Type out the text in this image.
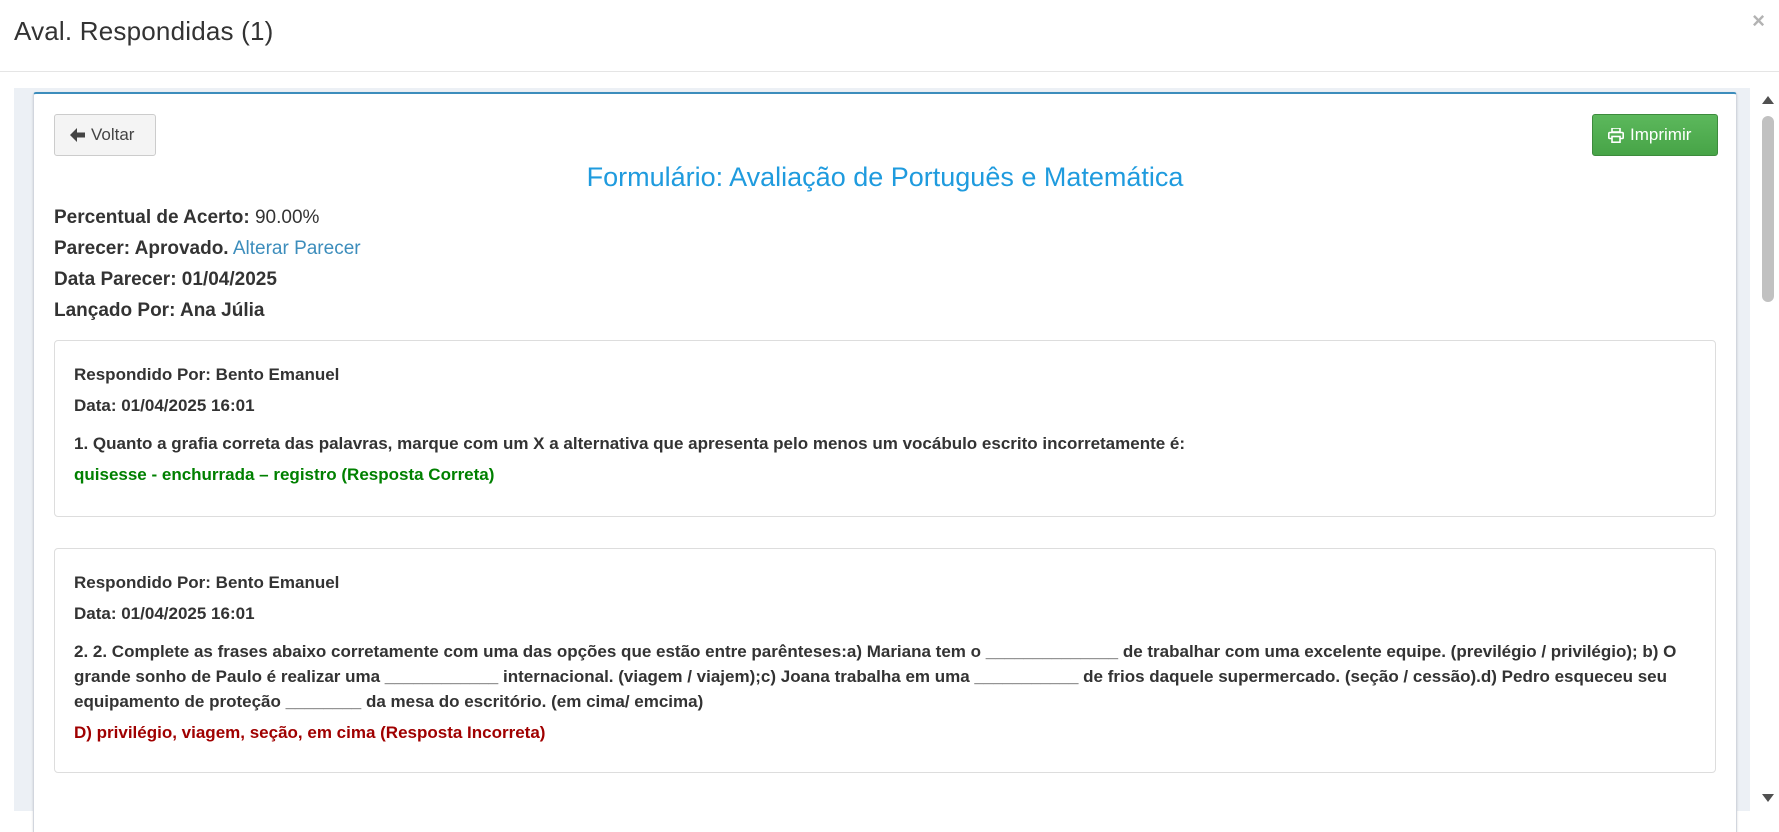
Aval. Respondidas (1)	×
Voltar	Imprimir
Formulário: Avaliação de Português e Matemática
Percentual de Acerto: 90.00%
Parecer: Aprovado. Alterar Parecer
Data Parecer: 01/04/2025
Lançado Por: Ana Júlia

Respondido Por: Bento Emanuel

Data: 01/04/2025 16:01

1. Quanto a grafia correta das palavras, marque com um X a alternativa que apresenta pelo menos um vocábulo escrito incorretamente é:

quisesse - enchurrada – registro (Resposta Correta)

Respondido Por: Bento Emanuel

Data: 01/04/2025 16:01

2. 2. Complete as frases abaixo corretamente com uma das opções que estão entre parênteses:a) Mariana tem o ______________ de trabalhar com uma excelente equipe. (previlégio / privilégio); b) O grande sonho de Paulo é realizar uma ____________ internacional. (viagem / viajem);c) Joana trabalha em uma ___________ de frios daquele supermercado. (seção / cessão).d) Pedro esqueceu seu equipamento de proteção ________ da mesa do escritório. (em cima/ emcima)

D) privilégio, viagem, seção, em cima (Resposta Incorreta)
